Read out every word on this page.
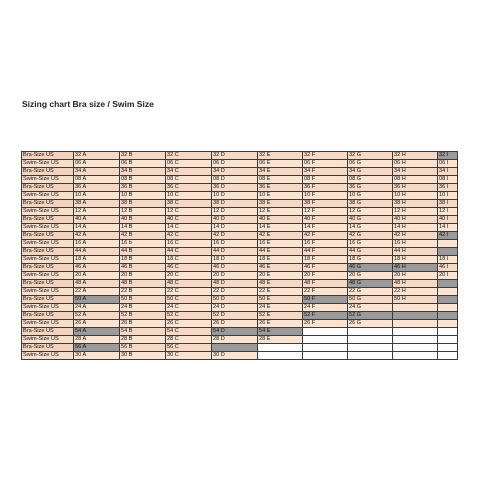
Sizing chart Bra size / Swim Size
Bra-Size US	32 A	32 B	32 C	32 D	32 E	32 F	32 G	32 H	32 I
Swim-Size US	06 A	06 B	06 C	06 D	06 E	06 F	06 G	06 H	06 I
Bra-Size US	34 A	34 B	34 C	34 D	34 E	34 F	34 G	34 H	34 I
Swim-Size US	08 A	08 B	08 C	08 D	08 E	08 F	08 G	08 H	08 I
Bra-Size US	36 A	36 B	36 C	36 D	36 E	36 F	36 G	36 H	36 I
Swim-Size US	10 A	10 B	10 C	10 D	10 E	10 F	10 G	10 H	10 I
Bra-Size US	38 A	38 B	38 C	38 D	38 E	38 F	38 G	38 H	38 I
Swim-Size US	12 A	12 B	12 C	12 D	12 E	12 F	12 G	12 H	12 I
Bra-Size US	40 A	40 B	40 C	40 D	40 E	40 F	40 G	40 H	40 I
Swim-Size US	14 A	14 B	14 C	14 D	14 E	14 F	14 G	14 H	14 I
Bra-Size US	42 A	42 B	42 C	42 D	42 E	42 F	42 G	42 H	42 I
Swim-Size US	16 A	16 b	16 C	16 D	16 E	16 F	16 G	16 H	
Bra-Size US	44 A	44 B	44 C	44 D	44 E	44 F	44 G	44 H	
Swim-Size US	18 A	18 B	18 C	18 D	18 E	18 F	18 G	18 H	18 I
Bra-Size US	46 A	46 B	46 C	46 D	46 E	46 F	46 G	46 H	46 I
Swim-Size US	20 A	20 B	20 C	20 D	20 E	20 F	20 G	20 H	20 I
Bra-Size US	48 A	48 B	48 C	48 D	48 E	48 F	48 G	48 H	
Swim-Size US	22 A	22 B	22 C	22 D	22 E	22 F	22 G	22 H	
Bra-Size US	50 A	50 B	50 C	50 D	50 E	50 F	50 G	50 H	
Swim-Size US	24 A	24 B	24 C	24 D	24 E	24 F	24 G		
Bra-Size US	52 A	52 B	52 C	52 D	52 E	52 F	52 G		
Swim-Size US	26 A	26 B	26 C	26 D	26 E	26 F	26 G		
Bra-Size US	54 A	54 B	54 C	54 D	54 E				
Swim-Size US	28 A	28 B	28 C	28 D	28 E				
Bra-Size US	56 A	56 B	56 C						
Swim-Size US	30 A	30 B	30 C	30 D					
